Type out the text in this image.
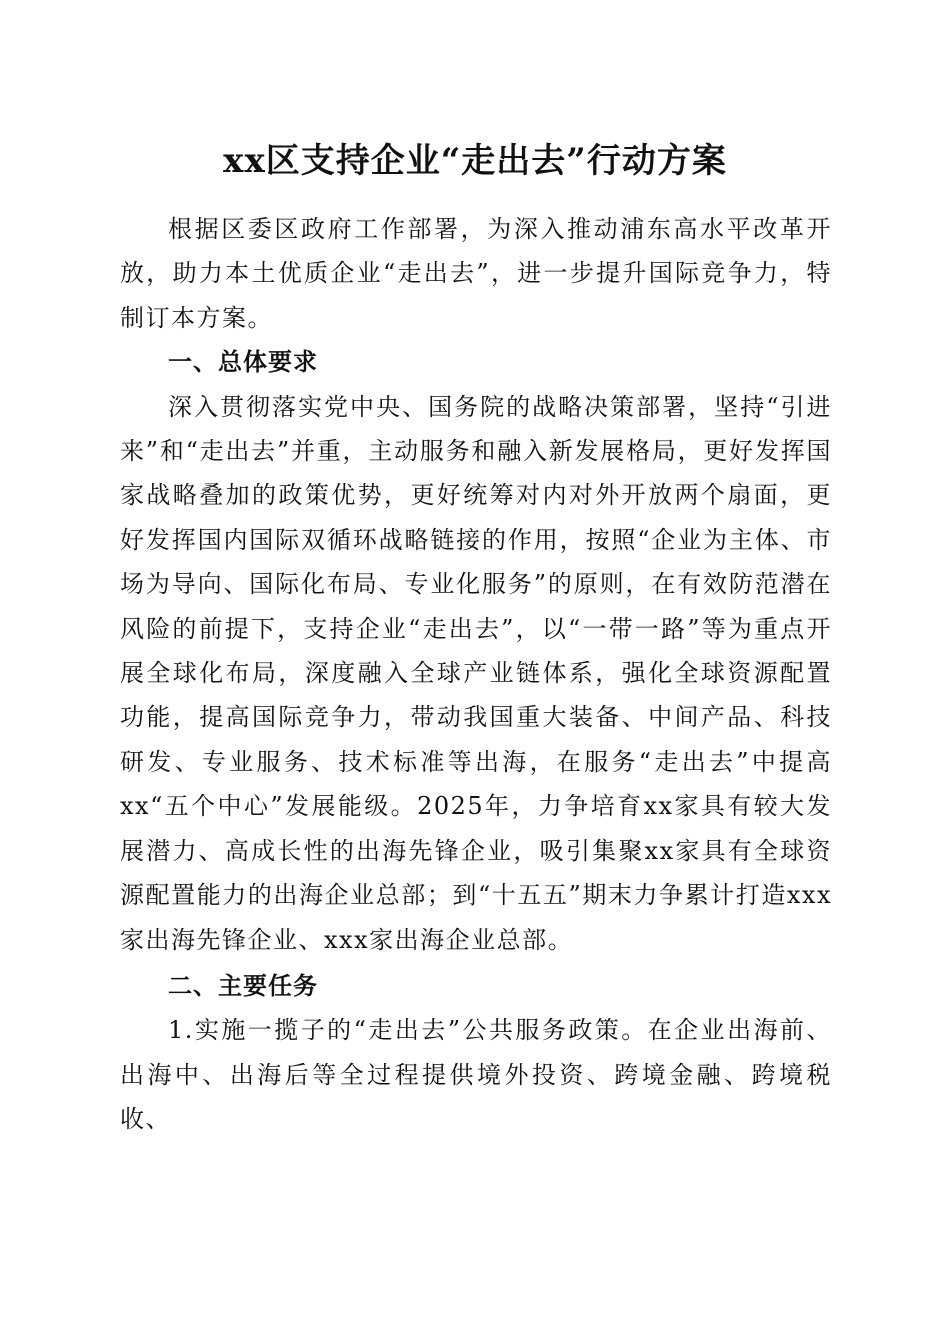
xx区支持企业“走出去”行动方案

根据区委区政府工作部署，为深入推动浦东高水平改革开放，助力本土优质企业“走出去”，进一步提升国际竞争力，特制订本方案。

一、总体要求

深入贯彻落实党中央、国务院的战略决策部署，坚持“引进来”和“走出去”并重，主动服务和融入新发展格局，更好发挥国家战略叠加的政策优势，更好统筹对内对外开放两个扇面，更好发挥国内国际双循环战略链接的作用，按照“企业为主体、市场为导向、国际化布局、专业化服务”的原则，在有效防范潜在风险的前提下，支持企业“走出去”，以“一带一路”等为重点开展全球化布局，深度融入全球产业链体系，强化全球资源配置功能，提高国际竞争力，带动我国重大装备、中间产品、科技研发、专业服务、技术标准等出海，在服务“走出去”中提高xx“五个中心”发展能级。2025年，力争培育xx家具有较大发展潜力、高成长性的出海先锋企业，吸引集聚xx家具有全球资源配置能力的出海企业总部；到“十五五”期末力争累计打造xxx家出海先锋企业、xxx家出海企业总部。

二、主要任务

1.实施一揽子的“走出去”公共服务政策。在企业出海前、出海中、出海后等全过程提供境外投资、跨境金融、跨境税收、
